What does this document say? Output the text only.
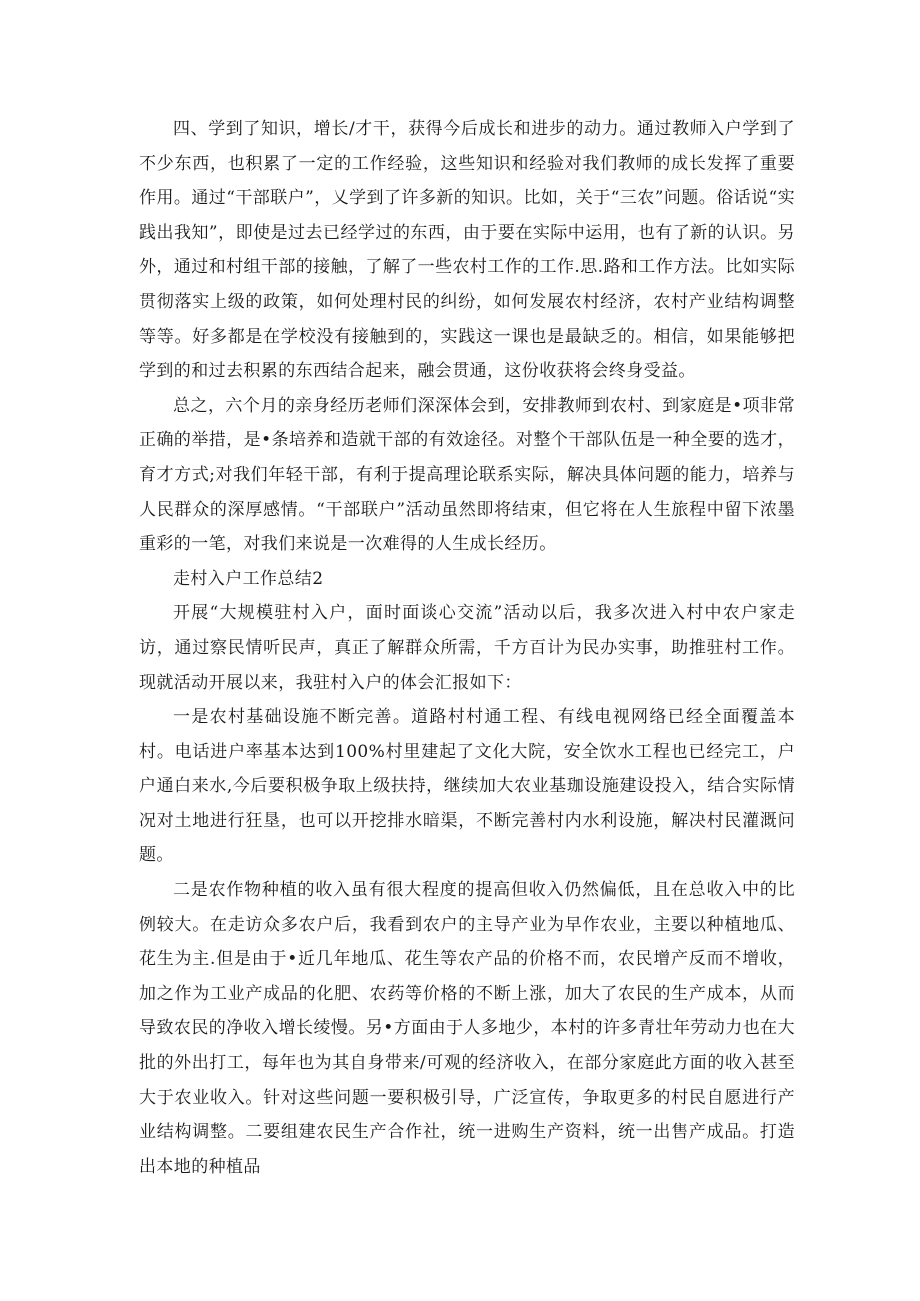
四、学到了知识，增长/才干，获得今后成长和进步的动力。通过教师入户学到了不少东西，也积累了一定的工作经验，这些知识和经验对我们教师的成长发挥了重要作用。通过“干部联户”，乂学到了许多新的知识。比如，关于“三农”问题。俗话说“实践出我知”，即使是过去已经学过的东西，由于要在实际中运用，也有了新的认识。另外，通过和村组干部的接触，了解了一些农村工作的工作.思.路和工作方法。比如实际贯彻落实上级的政策，如何处理村民的纠纷，如何发展农村经济，农村产业结构调整等等。好多都是在学校没有接触到的，实践这一课也是最缺乏的。相信，如果能够把学到的和过去积累的东西结合起来，融会贯通，这份收获将会终身受益。

总之，六个月的亲身经历老师们深深体会到，安排教师到农村、到家庭是•项非常正确的举措，是•条培养和造就干部的有效途径。对整个干部队伍是一种全要的选才，育才方式;对我们年轻干部，有利于提高理论联系实际，解决具体问题的能力，培养与人民群众的深厚感情。“干部联户”活动虽然即将结束，但它将在人生旅程中留下浓墨重彩的一笔，对我们来说是一次难得的人生成长经历。

走村入户工作总结2

开展“大规模驻村入户，面时面谈心交流”活动以后，我多次进入村中农户家走访，通过察民情听民声，真正了解群众所需，千方百计为民办实事，助推驻村工作。现就活动开展以来，我驻村入户的体会汇报如下：

一是农村基础设施不断完善。道路村村通工程、有线电视网络已经全面覆盖本村。电话进户率基本达到100%村里建起了文化大院，安全饮水工程也已经完工，户户通白来水,今后要积极争取上级扶持，继续加大农业基珈设施建设投入，结合实际情况对土地进行狂垦，也可以开挖排水暗渠，不断完善村内水利设施，解决村民灌溉问题。

二是农作物种植的收入虽有很大程度的提高但收入仍然偏低，且在总收入中的比例较大。在走访众多农户后，我看到农户的主导产业为早作农业，主要以种植地瓜、花生为主.但是由于•近几年地瓜、花生等农产品的价格不而，农民增产反而不增收，加之作为工业产成品的化肥、农药等价格的不断上涨，加大了农民的生产成本，从而导致农民的净收入增长绫慢。另•方面由于人多地少，本村的许多青壮年劳动力也在大批的外出打工，每年也为其自身带来/可观的经济收入，在部分家庭此方面的收入甚至大于农业收入。针对这些问题一要积极引导，广泛宣传，争取更多的村民自愿进行产业结构调整。二要组建农民生产合作社，统一进购生产资料，统一出售产成品。打造出本地的种植品
